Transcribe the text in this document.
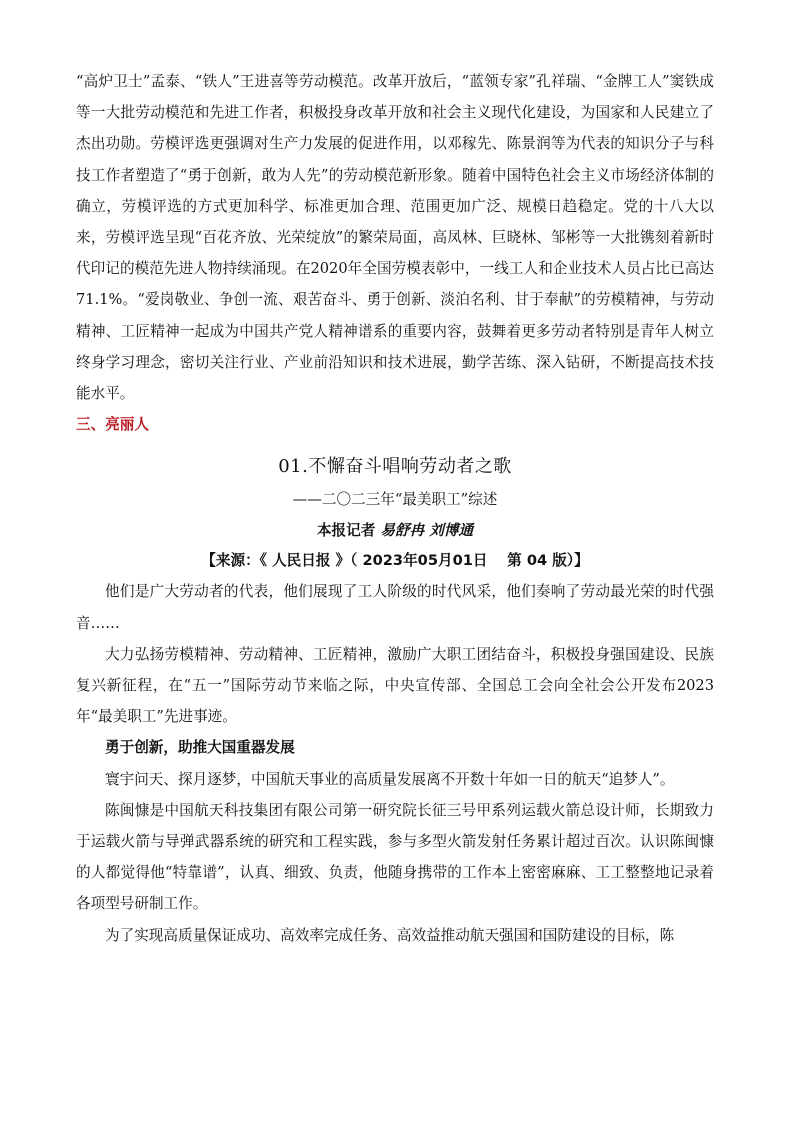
“高炉卫士”孟泰、“铁人”王进喜等劳动模范。改革开放后，“蓝领专家”孔祥瑞、“金牌工人”窦铁成等一大批劳动模范和先进工作者，积极投身改革开放和社会主义现代化建设，为国家和人民建立了杰出功勋。劳模评选更强调对生产力发展的促进作用，以邓稼先、陈景润等为代表的知识分子与科技工作者塑造了“勇于创新，敢为人先”的劳动模范新形象。随着中国特色社会主义市场经济体制的确立，劳模评选的方式更加科学、标准更加合理、范围更加广泛、规模日趋稳定。党的十八大以来，劳模评选呈现“百花齐放、光荣绽放”的繁荣局面，高凤林、巨晓林、邹彬等一大批镌刻着新时代印记的模范先进人物持续涌现。在2020年全国劳模表彰中，一线工人和企业技术人员占比已高达71.1%。“爱岗敬业、争创一流、艰苦奋斗、勇于创新、淡泊名利、甘于奉献”的劳模精神，与劳动精神、工匠精神一起成为中国共产党人精神谱系的重要内容，鼓舞着更多劳动者特别是青年人树立终身学习理念，密切关注行业、产业前沿知识和技术进展，勤学苦练、深入钻研，不断提高技术技能水平。

三、亮丽人

01.不懈奋斗唱响劳动者之歌

——二〇二三年“最美职工”综述

本报记者 易舒冉 刘博通

【来源：《 人民日报 》（ 2023年05月01日　 第 04 版）】

他们是广大劳动者的代表，他们展现了工人阶级的时代风采，他们奏响了劳动最光荣的时代强音……

大力弘扬劳模精神、劳动精神、工匠精神，激励广大职工团结奋斗，积极投身强国建设、民族复兴新征程，在“五一”国际劳动节来临之际，中央宣传部、全国总工会向全社会公开发布2023年“最美职工”先进事迹。

勇于创新，助推大国重器发展

寰宇问天、探月逐梦，中国航天事业的高质量发展离不开数十年如一日的航天“追梦人”。

陈闽慷是中国航天科技集团有限公司第一研究院长征三号甲系列运载火箭总设计师，长期致力于运载火箭与导弹武器系统的研究和工程实践，参与多型火箭发射任务累计超过百次。认识陈闽慷的人都觉得他“特靠谱”，认真、细致、负责，他随身携带的工作本上密密麻麻、工工整整地记录着各项型号研制工作。

为了实现高质量保证成功、高效率完成任务、高效益推动航天强国和国防建设的目标，陈
